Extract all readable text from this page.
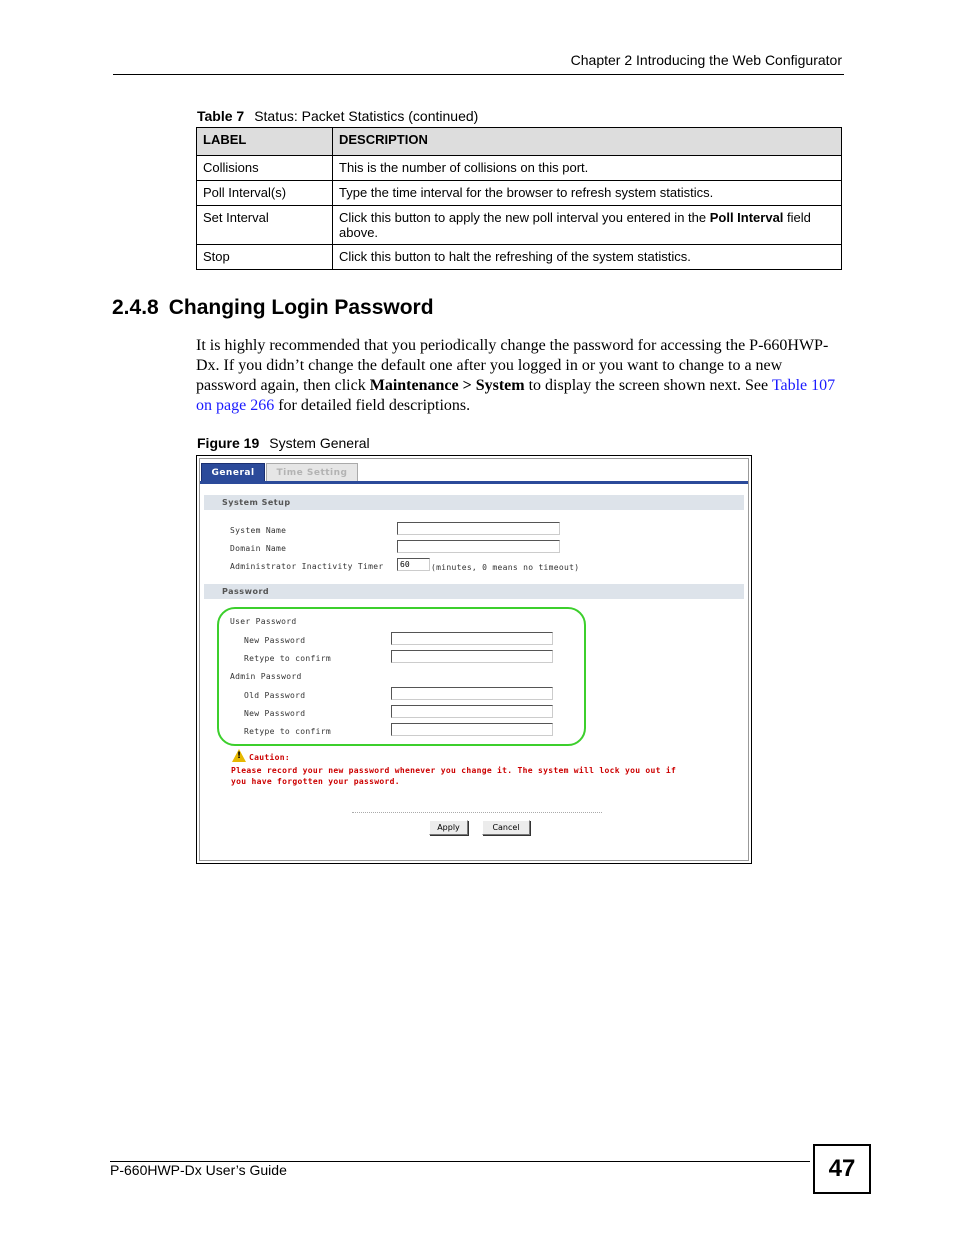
Chapter 2 Introducing the Web Configurator
Table 7 Status: Packet Statistics (continued)
LABEL	DESCRIPTION
Collisions	This is the number of collisions on this port.
Poll Interval(s)	Type the time interval for the browser to refresh system statistics.
Set Interval	Click this button to apply the new poll interval you entered in the Poll Interval field above.
Stop	Click this button to halt the refreshing of the system statistics.
2.4.8 Changing Login Password
It is highly recommended that you periodically change the password for accessing the P-660HWP-Dx. If you didn’t change the default one after you logged in or you want to change to a new password again, then click Maintenance > System to display the screen shown next. See Table 107 on page 266 for detailed field descriptions.
Figure 19 System General
General	Time Setting
System Setup
System Name
Domain Name
Administrator Inactivity Timer	60	(minutes, 0 means no timeout)
Password
User Password
New Password
Retype to confirm
Admin Password
Old Password
New Password
Retype to confirm
! Caution:
Please record your new password whenever you change it. The system will lock you out if
you have forgotten your password.
Apply	Cancel
P-660HWP-Dx User’s Guide	47
